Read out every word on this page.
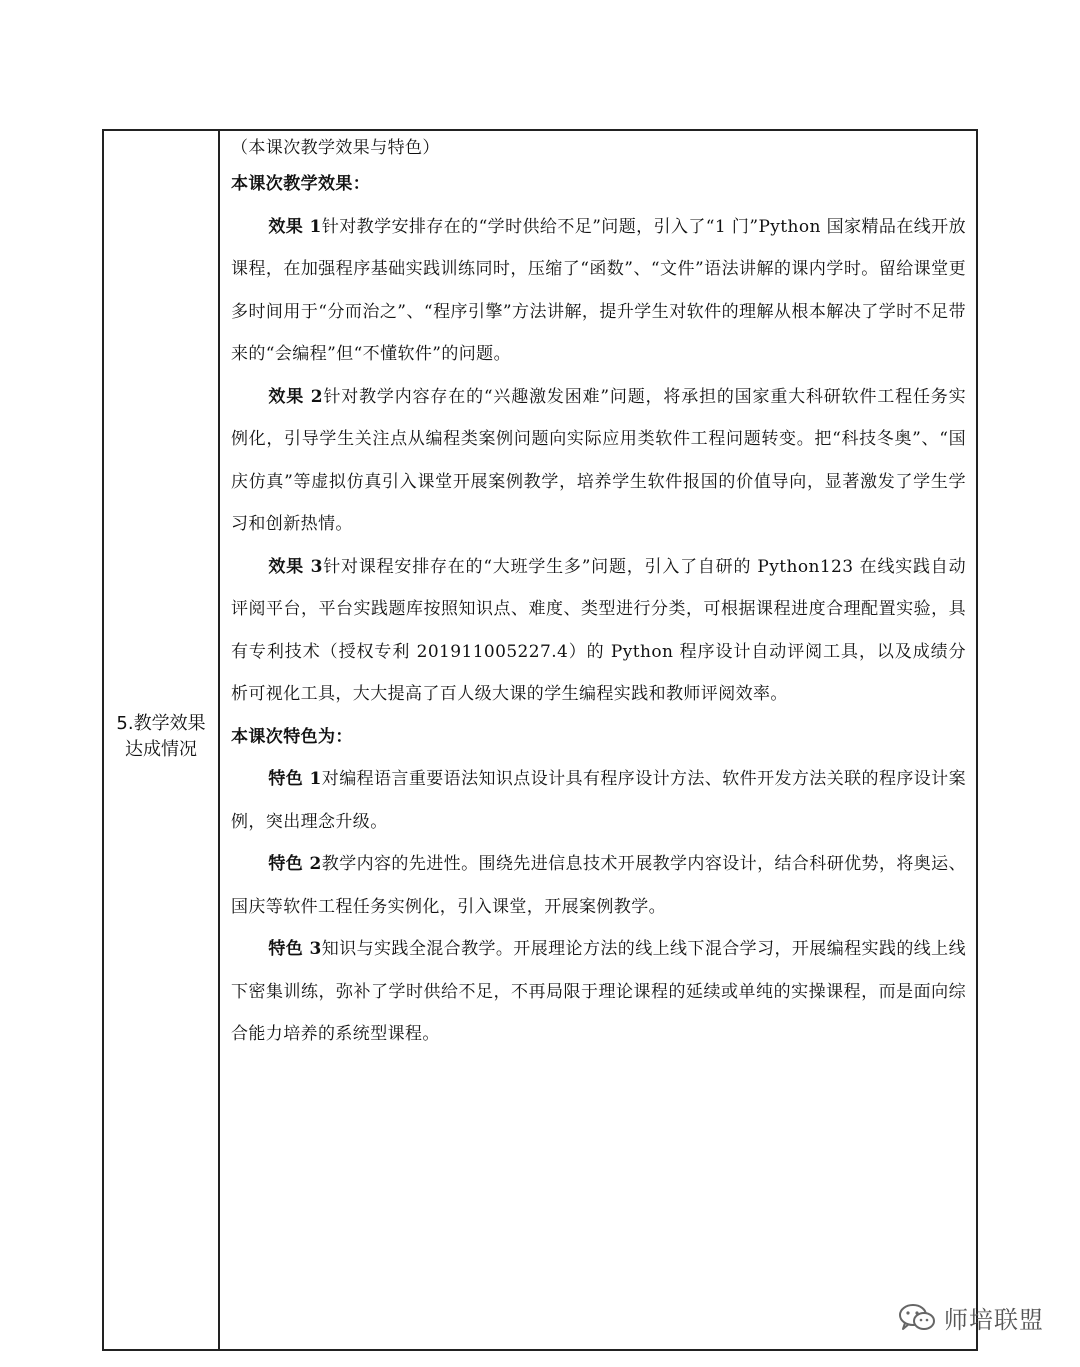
5.教学效果
达成情况

（本课次教学效果与特色）

本课次教学效果：

效果 1针对教学安排存在的“学时供给不足”问题，引入了“1 门”Python 国家精品在线开放课程，在加强程序基础实践训练同时，压缩了“函数”、“文件”语法讲解的课内学时。留给课堂更多时间用于“分而治之”、“程序引擎”方法讲解，提升学生对软件的理解从根本解决了学时不足带来的“会编程”但“不懂软件”的问题。

效果 2针对教学内容存在的“兴趣激发困难”问题，将承担的国家重大科研软件工程任务实例化，引导学生关注点从编程类案例问题向实际应用类软件工程问题转变。把“科技冬奥”、“国庆仿真”等虚拟仿真引入课堂开展案例教学，培养学生软件报国的价值导向，显著激发了学生学习和创新热情。

效果 3针对课程安排存在的“大班学生多”问题，引入了自研的 Python123 在线实践自动评阅平台，平台实践题库按照知识点、难度、类型进行分类，可根据课程进度合理配置实验，具有专利技术（授权专利 201911005227.4）的 Python 程序设计自动评阅工具，以及成绩分析可视化工具，大大提高了百人级大课的学生编程实践和教师评阅效率。

本课次特色为：

特色 1对编程语言重要语法知识点设计具有程序设计方法、软件开发方法关联的程序设计案例，突出理念升级。

特色 2教学内容的先进性。围绕先进信息技术开展教学内容设计，结合科研优势，将奥运、国庆等软件工程任务实例化，引入课堂，开展案例教学。

特色 3知识与实践全混合教学。开展理论方法的线上线下混合学习，开展编程实践的线上线下密集训练，弥补了学时供给不足，不再局限于理论课程的延续或单纯的实操课程，而是面向综合能力培养的系统型课程。

师培联盟
